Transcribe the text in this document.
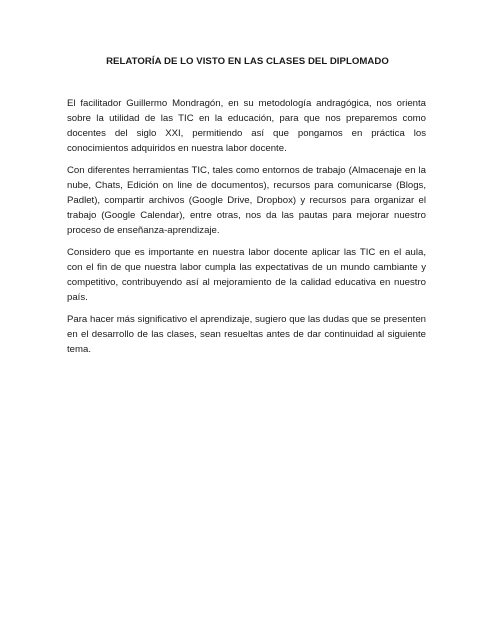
RELATORÍA DE LO VISTO EN LAS CLASES DEL DIPLOMADO

El facilitador Guillermo Mondragón, en su metodología andragógica, nos orienta sobre la utilidad de las TIC en la educación, para que nos preparemos como docentes del siglo XXI, permitiendo así que pongamos en práctica los conocimientos adquiridos en nuestra labor docente.

Con diferentes herramientas TIC, tales como entornos de trabajo (Almacenaje en la nube, Chats, Edición on line de documentos), recursos para comunicarse (Blogs, Padlet), compartir archivos (Google Drive, Dropbox) y recursos para organizar el trabajo (Google Calendar), entre otras, nos da las pautas para mejorar nuestro proceso de enseñanza-aprendizaje.

Considero que es importante en nuestra labor docente aplicar las TIC en el aula, con el fin de que nuestra labor cumpla las expectativas de un mundo cambiante y competitivo, contribuyendo así al mejoramiento de la calidad educativa en nuestro país.

Para hacer más significativo el aprendizaje, sugiero que las dudas que se presenten en el desarrollo de las clases, sean resueltas antes de dar continuidad al siguiente tema.
